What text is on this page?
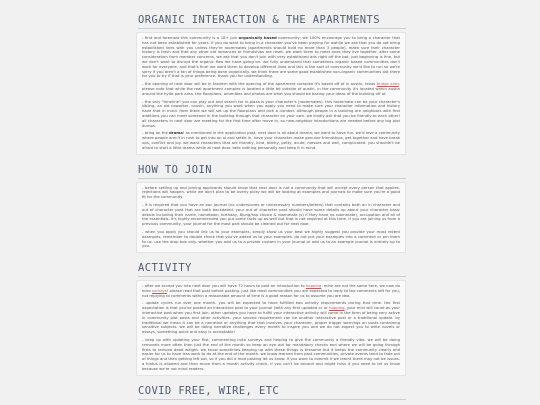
ORGANIC INTERACTION & THE APARTMENTS

- first and foremost this community is a 18+ join organically based community; we 100% encourage you to bring a character that has not been established for years. if you do want to bring in a character you've been playing for awhile we ask that you do not bring established lines with you unless they're roommates (apartments should hold no more than 3 people). make sure their character history is fresh and that any other old romances or friendships are reset. we want them to meet ones they live together. after some consideration from member concerns, we ask that you don't join with very established ads right off the bat, just beginning is fine, but we don't want to disrupt the organic flow we have going on. we fully understand that sometimes organic based communities don't work for everyone, and that's fine! we want them to develop different lives and this is the sort of community we'd like to run so we're sorry if you aren't a fan of things being done organically. we think there are some good established non-organic communities out there for you to try if that is your preference. thank you for understanding.

- the opening of next door will be in tandem with the opening of the apartment complex it's based off of in austin, texas bridge alley. please note that while the real apartment complex is located a little bit outside of austin, in the community it's located within austin around the hyde park area. the floorplans, amenities and photos are what you should be basing your ideas of the building off of.

- the only "timeline" you can play out and search for in-plaza is your character's (roommates). this roommate can be your character's sibling, an old coworker, cousin, anything you want when you apply you need to make sure your character information and history have that in mind. from there we will set up the floorplans and pick a number. although people in a building are neighbors with first additions you can meet someone in the building through that character on your own. we kindly ask that you be friendly to each other! all characters in next door are meeting for the first time after move in, so new-neighbor introductions are needed before any big plot dumps.

- bring on the drama! as mentioned in the application post, next door is all about drama. we want to have fun. we'd love a community where people aren't in rush to get into an ol and settle in. have your character make genuine friendships, get together and have break ups, conflict and joy. we want characters that are friendly, kind, bitchy, petty, acute, messes and well, complicated. you shouldn't be afraid to start a little drama while at next door. take nothing personally and keep it in mind.

HOW TO JOIN

- before setting up and joining applicants should know that next door is not a community that will accept every person that applies. rejections will happen. while we don't plan to be overly picky we will be looking at examples and journals to make sure you're a good fit for the community.

- it is required that you have an ooc journal (no underscores or unnecessary numbers/letters) that contains both an in character and out of character post that are both backdated. your out of character post should have some details up about your character basic details including their name, hometown, birthday, 8jung/hsp choice & roommate (s) if they have no roommate), occupation and all of the essentials. it's highly recommended you put some facts up as well but that is not required at this time. if you are joining us from a previous community, your journal for the most part should be cleaned out for next door.

- when you apply you should link us to your examples, simply show us your best we highly suggest you provide your most recent examples, remember to double check that you've added us to your examples. do not put your examples into a comment or pm them to us. use the drop box only. whether you add us to a private custom in your journal or add us to an example journal is entirely up to you.

ACTIVITY

- after we accept you into next door you will have 72 hours to post an introduction to hopping. mine are not the same here, we now do intro surveys! please read that post before posting. just like most communities you are expected to reply to the comments left for you, not replying to comments within a reasonable amount of time is a good reason for us to assume you are dea.

- update cycles run over one month. you will be expected to have fulfilled two activity requirements during that time. the first expectation is that you've posted an interactive post to your journal (with any first updated cc or hopping, your mini will count as your interactive post when you first join. other updates you have to fulfill your interactive activity will come in the form of being very active in community plot posts and other activities. your second requirement can be another interactive post or a traditional update. by traditional we mean it can be a narrative or anything that that involves your character, proper trigger warnings on posts containing sensitive subjects. we will be doing narrative challenges every month to inspire you and we do not expect you to write novels or essays, something quick and easy is acceptable!

- keep up with updating your flist, commenting in/to surveys and helping to give the community a friendly vibe. we will be doing removals more often than just the end of the month so keep an eye out for mandatory checks and where we will be going through flists to remove dead weight. we know sometimes keeping up with these things is tiresome but it keeps the community clearly and easier for us to have less work to do at the end of the month. we know learned from past communities, private events tend to fade out of things and then getting left out, so if you did a mod posting let us know. if you want to commit if we learnt there may not be issues. a hiatus is allowed and then move from a month activity check. if you can't be around and might miss it you need to let us know because we're not mind readers.

COVID FREE, WIRE, ETC
